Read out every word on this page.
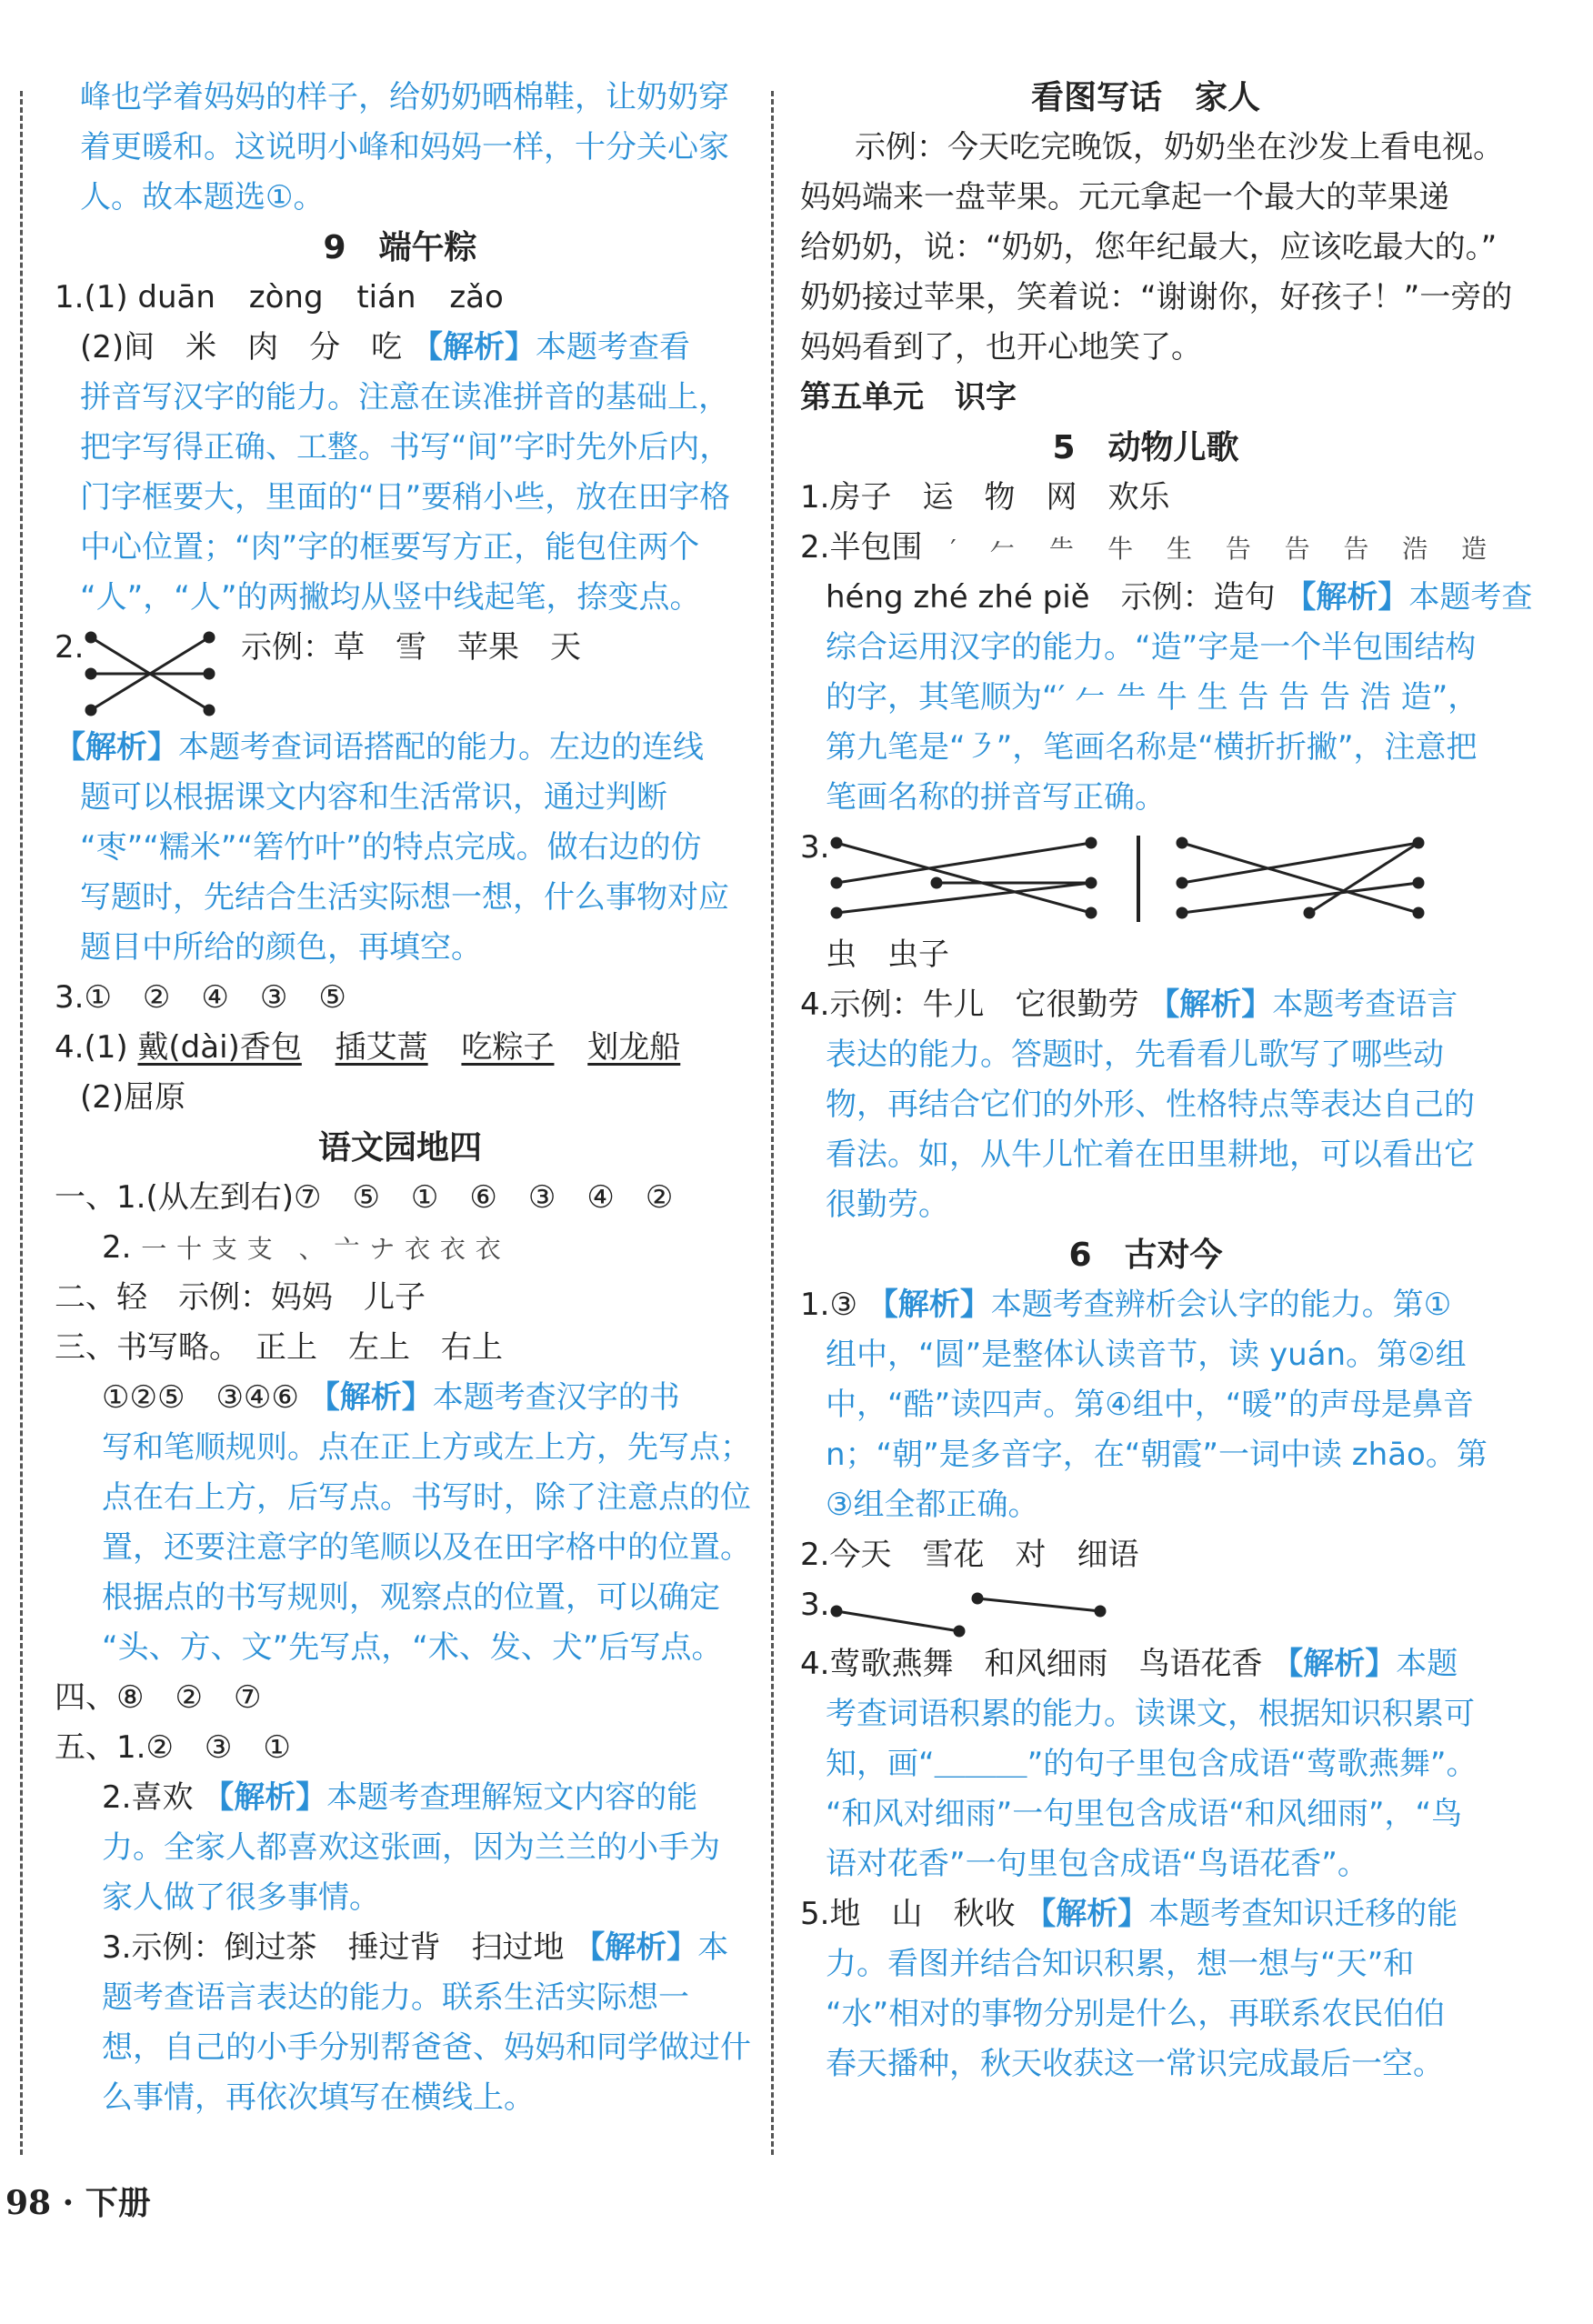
峰也学着妈妈的样子，给奶奶晒棉鞋，让奶奶穿
着更暖和。这说明小峰和妈妈一样，十分关心家
人。故本题选①。
9　端午粽
1.(1) duān zòng tián zǎo
(2)间　米　肉　分　吃 【解析】本题考查看
拼音写汉字的能力。注意在读准拼音的基础上，
把字写得正确、工整。书写“间”字时先外后内，
门字框要大，里面的“日”要稍小些，放在田字格
中心位置；“肉”字的框要写方正，能包住两个
“人”，“人”的两撇均从竖中线起笔，捺变点。
2.	示例：草　雪　苹果　天
【解析】本题考查词语搭配的能力。左边的连线
题可以根据课文内容和生活常识，通过判断
“枣”“糯米”“箬竹叶”的特点完成。做右边的仿
写题时，先结合生活实际想一想，什么事物对应
题目中所给的颜色，再填空。
3.①　②　④　③　⑤
4.(1) 戴(dài)香包 插艾蒿 吃粽子 划龙船
(2)屈原
语文园地四
一、1.(从左到右)⑦　⑤　①　⑥　③　④　②
2. 一 十 支 支 、 亠 ナ 衣 衣 衣
二、轻　示例：妈妈　儿子
三、书写略。　正上　左上　右上
①②⑤　③④⑥ 【解析】本题考查汉字的书
写和笔顺规则。点在正上方或左上方，先写点；
点在右上方，后写点。书写时，除了注意点的位
置，还要注意字的笔顺以及在田字格中的位置。
根据点的书写规则，观察点的位置，可以确定
“头、方、文”先写点，“术、发、犬”后写点。
四、⑧　②　⑦
五、1.②　③　①
2.喜欢 【解析】本题考查理解短文内容的能
力。全家人都喜欢这张画，因为兰兰的小手为
家人做了很多事情。
3.示例：倒过茶　捶过背　扫过地 【解析】本
题考查语言表达的能力。联系生活实际想一
想，自己的小手分别帮爸爸、妈妈和同学做过什
么事情，再依次填写在横线上。
看图写话　家人
示例：今天吃完晚饭，奶奶坐在沙发上看电视。
妈妈端来一盘苹果。元元拿起一个最大的苹果递
给奶奶，说：“奶奶，您年纪最大，应该吃最大的。”
奶奶接过苹果，笑着说：“谢谢你，好孩子！”一旁的
妈妈看到了，也开心地笑了。
第五单元　识字
5　动物儿歌
1.房子　运　物　网　欢乐
2.半包围 ′ 𠂉 ⺧ 牛 生 告 告 告 浩 造
héng zhé zhé piě　示例：造句 【解析】本题考查
综合运用汉字的能力。“造”字是一个半包围结构
的字，其笔顺为“′ 𠂉 ⺧ 牛 生 告 告 告 浩 造”，
第九笔是“㇋”，笔画名称是“横折折撇”，注意把
笔画名称的拼音写正确。
3.
虫　虫子
4.示例：牛儿　它很勤劳 【解析】本题考查语言
表达的能力。答题时，先看看儿歌写了哪些动
物，再结合它们的外形、性格特点等表达自己的
看法。如，从牛儿忙着在田里耕地，可以看出它
很勤劳。
6　古对今
1.③ 【解析】本题考查辨析会认字的能力。第①
组中，“圆”是整体认读音节，读 yuán。第②组
中，“酷”读四声。第④组中，“暖”的声母是鼻音
n；“朝”是多音字，在“朝霞”一词中读 zhāo。第
③组全都正确。
2.今天　雪花　对　细语
3.
4.莺歌燕舞　和风细雨　鸟语花香 【解析】本题
考查词语积累的能力。读课文，根据知识积累可
知，画“＿＿＿”的句子里包含成语“莺歌燕舞”。
“和风对细雨”一句里包含成语“和风细雨”，“鸟
语对花香”一句里包含成语“鸟语花香”。
5.地　山　秋收 【解析】本题考查知识迁移的能
力。看图并结合知识积累，想一想与“天”和
“水”相对的事物分别是什么，再联系农民伯伯
春天播种，秋天收获这一常识完成最后一空。
98 · 下册
